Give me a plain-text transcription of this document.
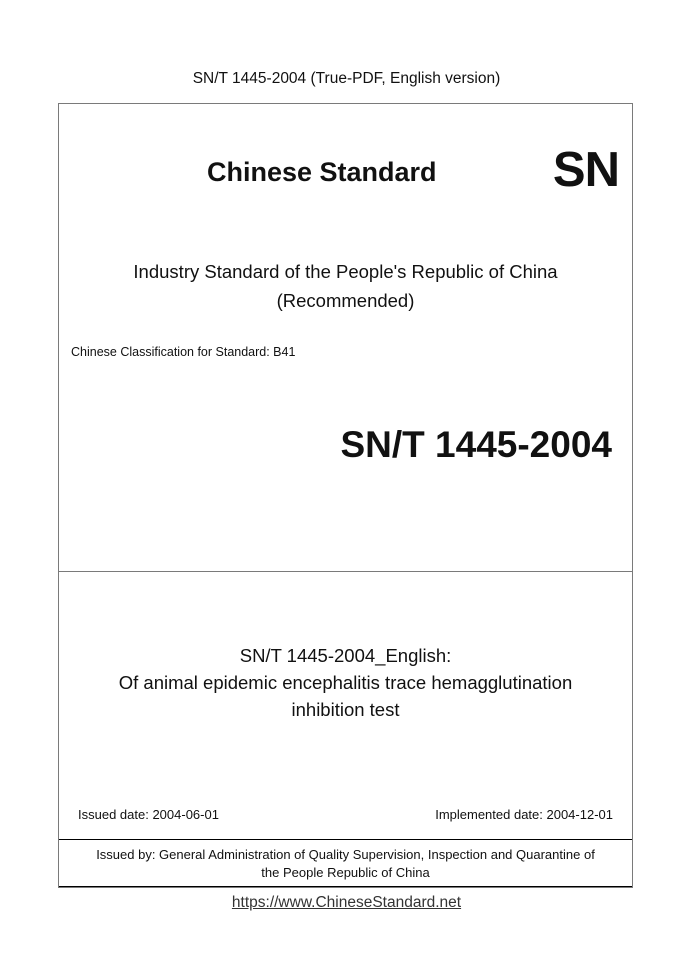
SN/T 1445-2004 (True-PDF, English version)
Chinese Standard SN
Industry Standard of the People's Republic of China
(Recommended)
Chinese Classification for Standard: B41
SN/T 1445-2004
SN/T 1445-2004_English:
Of animal epidemic encephalitis trace hemagglutination
inhibition test
Issued date: 2004-06-01	Implemented date: 2004-12-01
Issued by: General Administration of Quality Supervision, Inspection and Quarantine of
the People Republic of China
https://www.ChineseStandard.net
